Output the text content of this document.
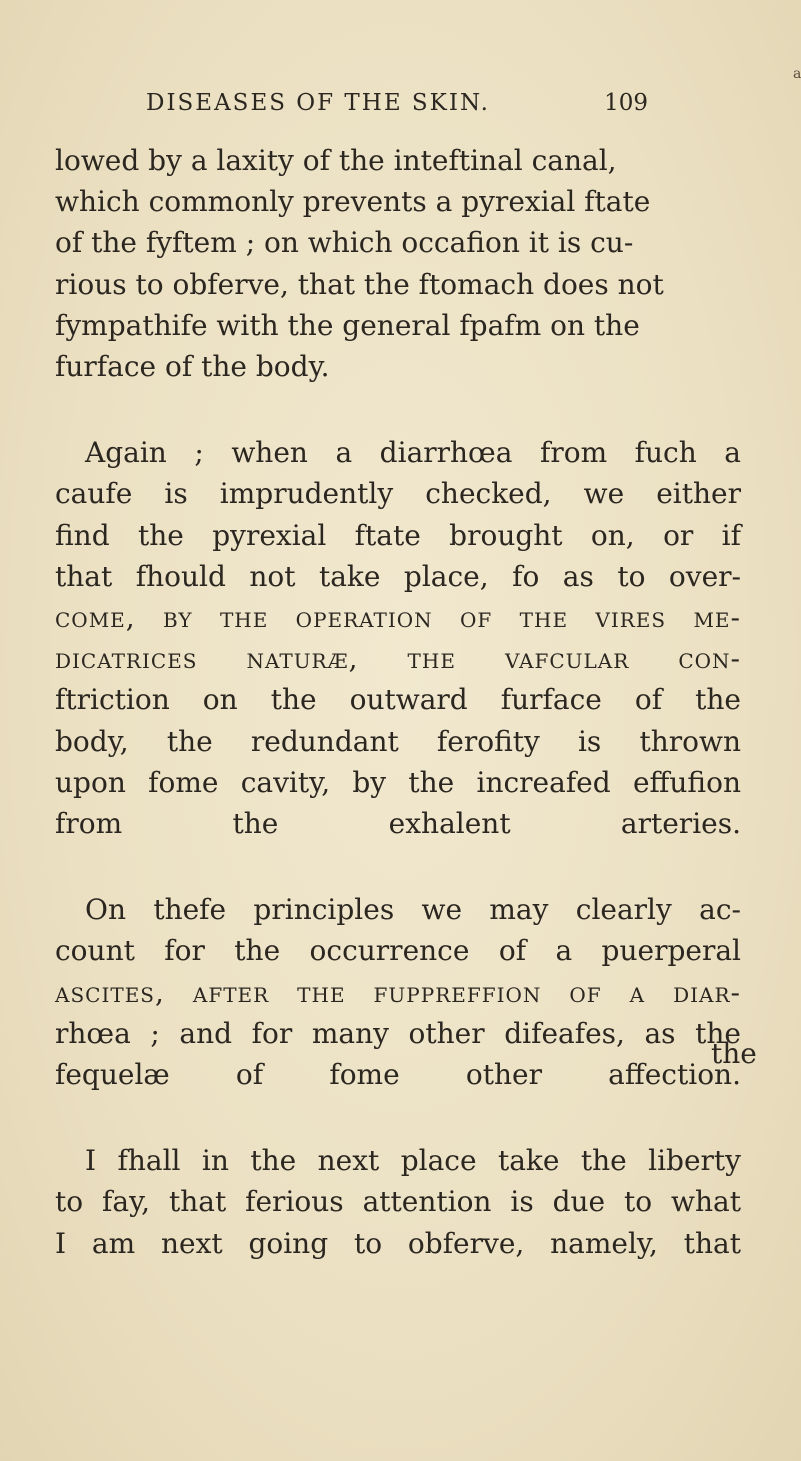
a
DISEASES OF THE SKIN.	109

lowed by a laxity of the inteftinal canal,
which commonly prevents a pyrexial ftate
of the fyftem ; on which occafion it is cu-
rious to obferve, that the ftomach does not
fympathife with the general fpafm on the
furface of the body.

Again ; when a diarrhœa from fuch a
caufe is imprudently checked, we either
find the pyrexial ftate brought on, or if
that fhould not take place, fo as to over-
come, by the operation of the vires me-
dicatrices naturæ, the vafcular con-
ftriction on the outward furface of the
body, the redundant ferofity is thrown
upon fome cavity, by the increafed effufion
from the exhalent arteries.

On thefe principles we may clearly ac-
count for the occurrence of a puerperal
ascites, after the fuppreffion of a diar-
rhœa ; and for many other difeafes, as the
fequelæ of fome other affection.

I fhall in the next place take the liberty
to fay, that ferious attention is due to what
I am next going to obferve, namely, that

the
